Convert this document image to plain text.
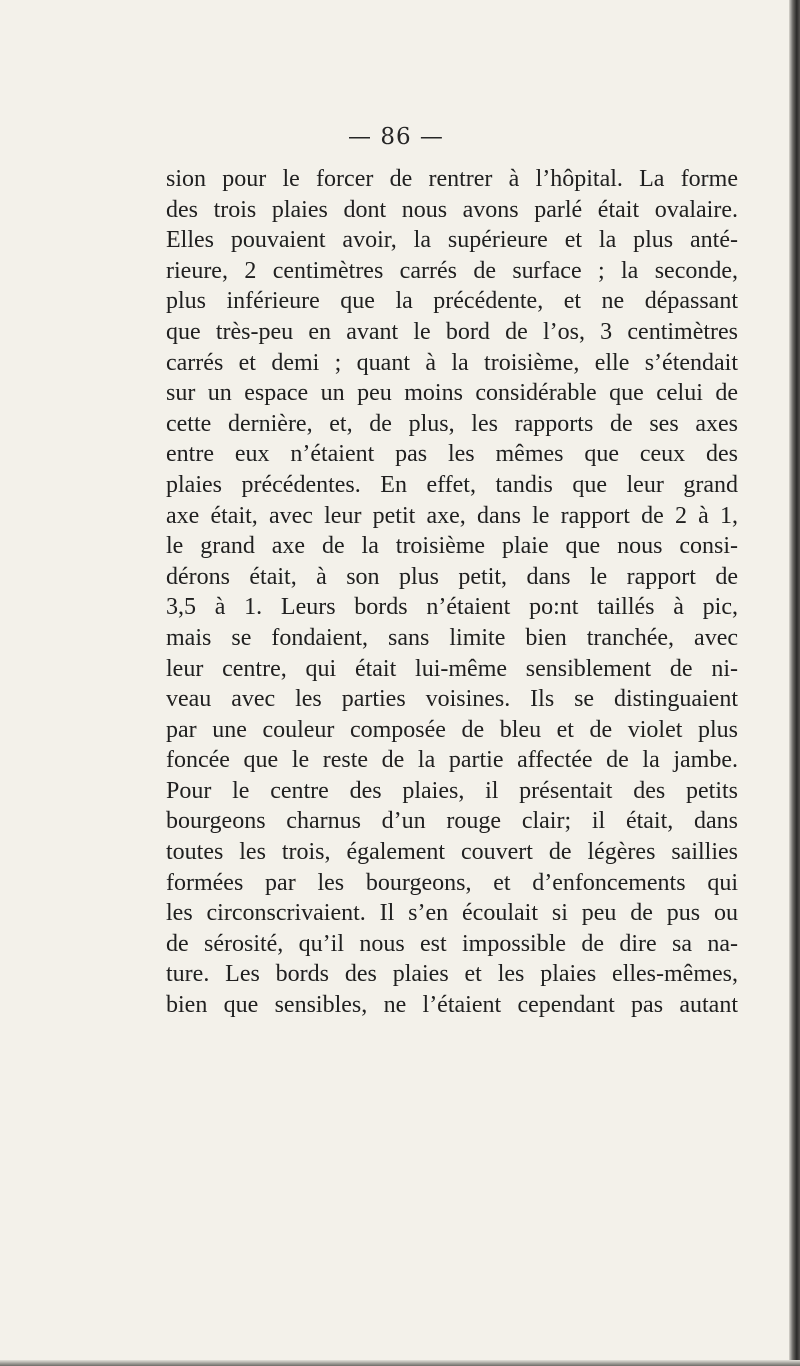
— 86 —
sion pour le forcer de rentrer à l’hôpital. La forme
des trois plaies dont nous avons parlé était ovalaire.
Elles pouvaient avoir, la supérieure et la plus anté-
rieure, 2 centimètres carrés de surface ; la seconde,
plus inférieure que la précédente, et ne dépassant
que très-peu en avant le bord de l’os, 3 centimètres
carrés et demi ; quant à la troisième, elle s’étendait
sur un espace un peu moins considérable que celui de
cette dernière, et, de plus, les rapports de ses axes
entre eux n’étaient pas les mêmes que ceux des
plaies précédentes. En effet, tandis que leur grand
axe était, avec leur petit axe, dans le rapport de 2 à 1,
le grand axe de la troisième plaie que nous consi-
dérons était, à son plus petit, dans le rapport de
3,5 à 1. Leurs bords n’étaient po:nt taillés à pic,
mais se fondaient, sans limite bien tranchée, avec
leur centre, qui était lui-même sensiblement de ni-
veau avec les parties voisines. Ils se distinguaient
par une couleur composée de bleu et de violet plus
foncée que le reste de la partie affectée de la jambe.
Pour le centre des plaies, il présentait des petits
bourgeons charnus d’un rouge clair; il était, dans
toutes les trois, également couvert de légères saillies
formées par les bourgeons, et d’enfoncements qui
les circonscrivaient. Il s’en écoulait si peu de pus ou
de sérosité, qu’il nous est impossible de dire sa na-
ture. Les bords des plaies et les plaies elles-mêmes,
bien que sensibles, ne l’étaient cependant pas autant
